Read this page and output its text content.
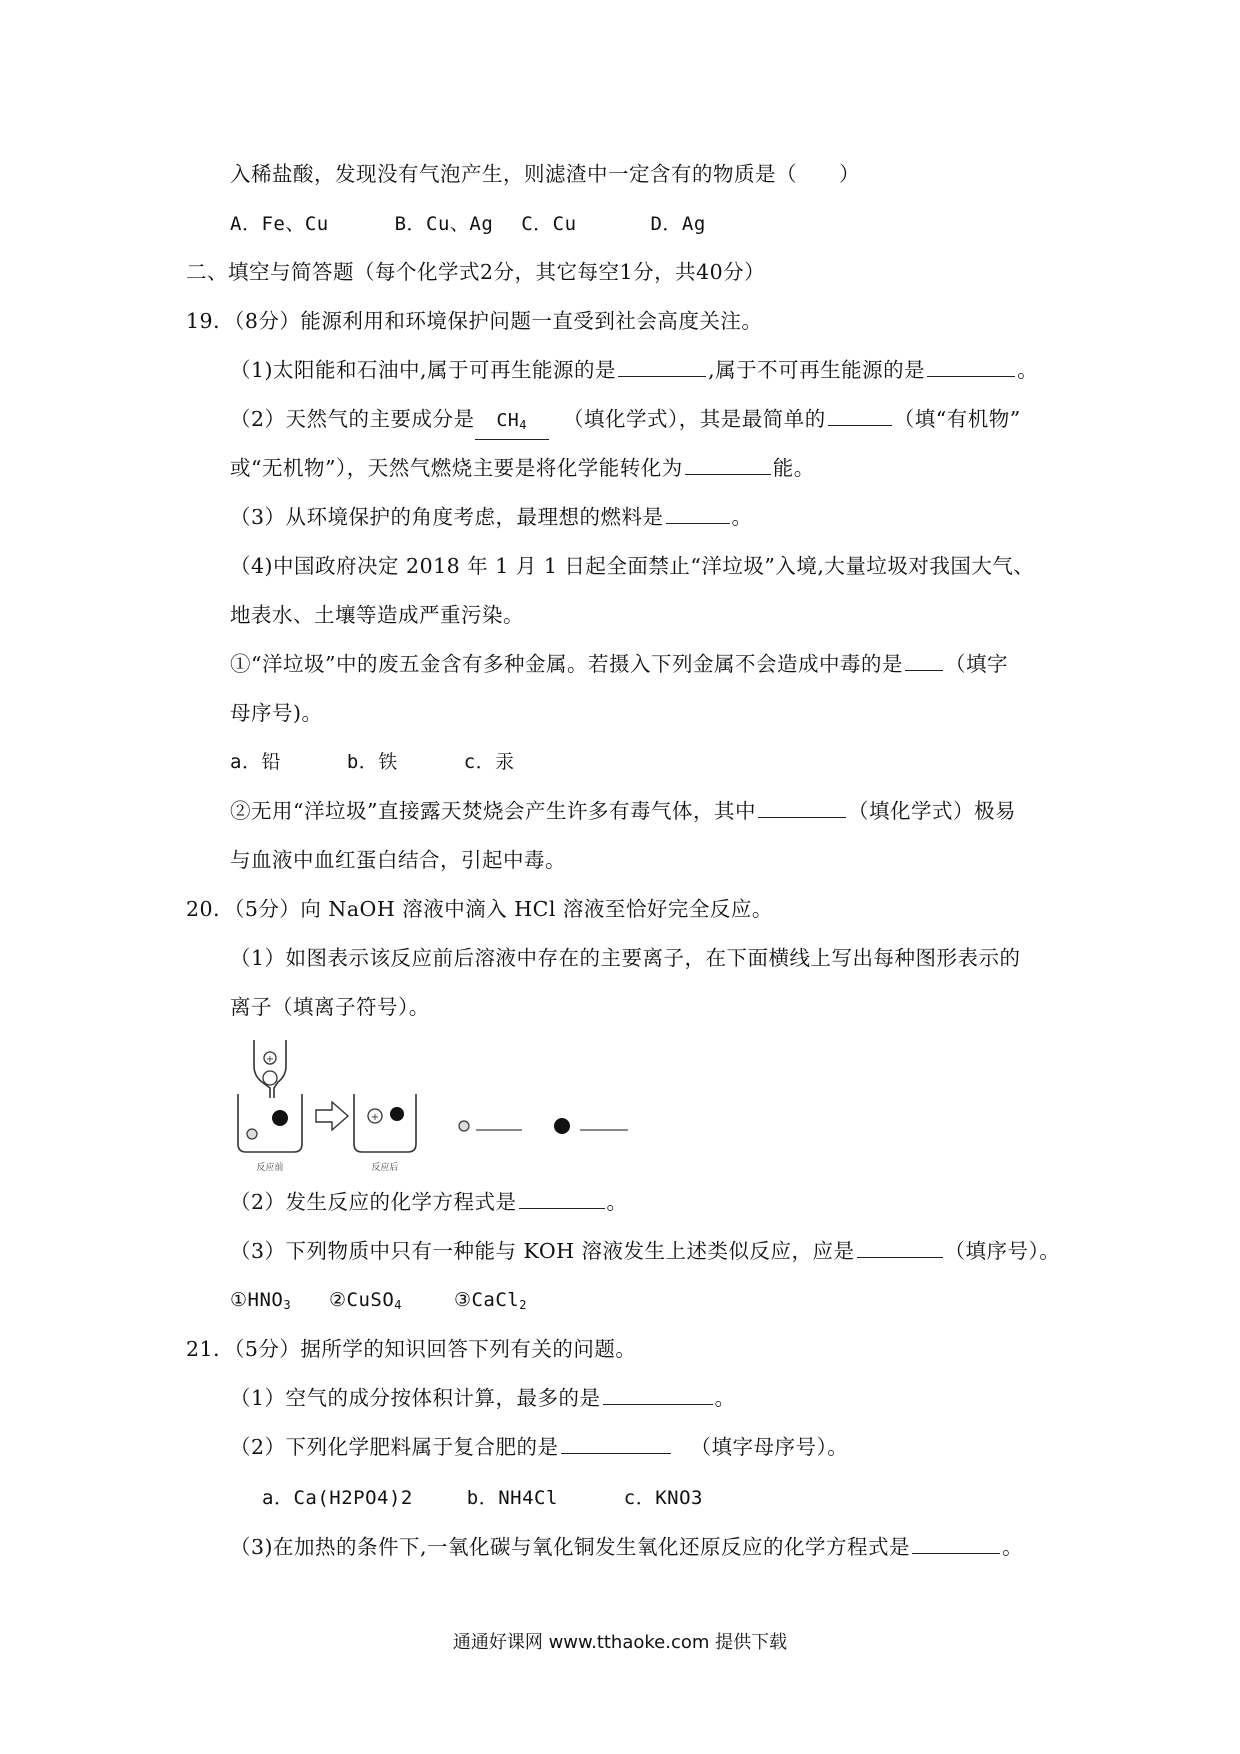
入稀盐酸，发现没有气泡产生，则滤渣中一定含有的物质是（　　）
A．Fe、Cu	B．Cu、Ag C．Cu	D．Ag
二、填空与简答题（每个化学式2分，其它每空1分，共40分）
19．（8分）能源利用和环境保护问题一直受到社会高度关注。
（1)太阳能和石油中,属于可再生能源的是	,属于不可再生能源的是	。
（2）天然气的主要成分是 $CH_4$ （填化学式），其是最简单的	（填“有机物”
或“无机物”），天然气燃烧主要是将化学能转化为	能。
（3）从环境保护的角度考虑，最理想的燃料是	。
（4)中国政府决定 2018 年 1 月 1 日起全面禁止“洋垃圾”入境,大量垃圾对我国大气、
地表水、土壤等造成严重污染。
①“洋垃圾”中的废五金含有多种金属。若摄入下列金属不会造成中毒的是 （填字
母序号)。
a．铅	b．铁	c．汞
②无用“洋垃圾”直接露天焚烧会产生许多有毒气体，其中	（填化学式）极易
与血液中血红蛋白结合，引起中毒。
20．（5分）向 NaOH 溶液中滴入 HCl 溶液至恰好完全反应。
（1）如图表示该反应前后溶液中存在的主要离子，在下面横线上写出每种图形表示的
离子（填离子符号）。
+
反应前
+
反应后
（2）发生反应的化学方程式是	。
（3）下列物质中只有一种能与 KOH 溶液发生上述类似反应，应是	（填序号）。
$①HNO_3$ ②CuSO$_4$	③CaCl$_2$
21．（5分）据所学的知识回答下列有关的问题。
（1）空气的成分按体积计算，最多的是	。
（2）下列化学肥料属于复合肥的是	（填字母序号）。
a．Ca(H2PO4)2	b．NH4Cl	c．KNO3
（3)在加热的条件下,一氧化碳与氧化铜发生氧化还原反应的化学方程式是	。
通通好课网 www.tthaoke.com 提供下载
